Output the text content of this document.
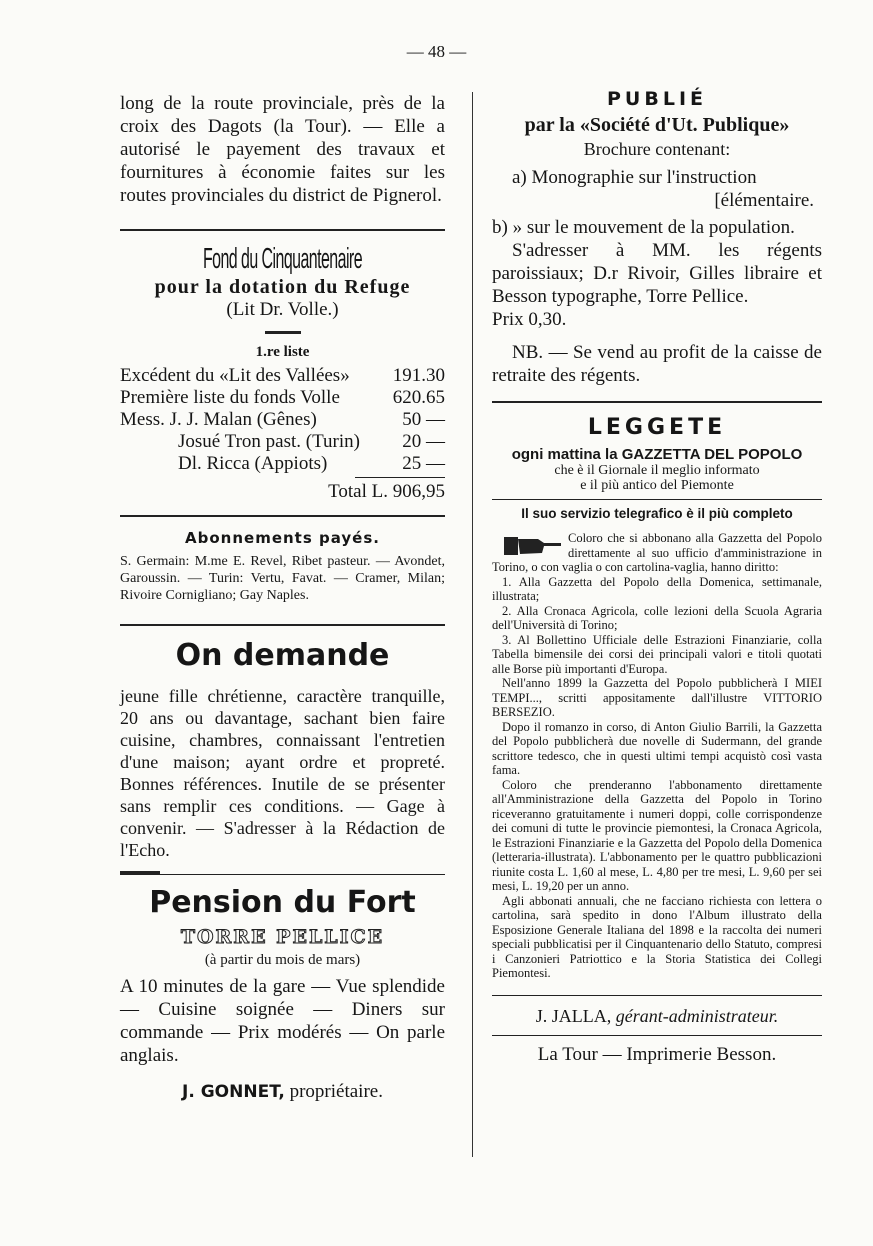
— 48 —

long de la route provinciale, près de la croix des Dagots (la Tour). — Elle a autorisé le payement des travaux et fournitures à économie faites sur les routes provinciales du district de Pignerol.

Fond du Cinquantenaire

pour la dotation du Refuge

(Lit Dr. Volle.)

1.re liste

Excédent du «Lit des Vallées»	191.30
Première liste du fonds Volle	620.65
Mess. J. J. Malan (Gênes)	50 —
Josué Tron past. (Turin)	20 —
Dl. Ricca (Appiots)	25 —
Total L. 906,95

Abonnements payés.

S. Germain: M.me E. Revel, Ribet pasteur. — Avondet, Garoussin. — Turin: Vertu, Favat. — Cramer, Milan; Rivoire Cornigliano; Gay Naples.

On demande

jeune fille chrétienne, caractère tranquille, 20 ans ou davantage, sachant bien faire cuisine, chambres, connaissant l'entretien d'une maison; ayant ordre et propreté. Bonnes références. Inutile de se présenter sans remplir ces conditions. — Gage à convenir. — S'adresser à la Rédaction de l'Echo.

Pension du Fort

TORRE PELLICE

(à partir du mois de mars)

A 10 minutes de la gare — Vue splendide — Cuisine soignée — Diners sur commande — Prix modérés — On parle anglais.

J. GONNET, propriétaire.

PUBLIÉ

par la «Société d'Ut. Publique»

Brochure contenant:

a) Monographie sur l'instruction

[élémentaire.

b) » sur le mouvement de la population.

S'adresser à MM. les régents paroissiaux; D.r Rivoir, Gilles libraire et Besson typographe, Torre Pellice.

Prix 0,30.

NB. — Se vend au profit de la caisse de retraite des régents.

LEGGETE

ogni mattina la GAZZETTA DEL POPOLO

che è il Giornale il meglio informato

e il più antico del Piemonte

Il suo servizio telegrafico è il più completo

Coloro che si abbonano alla Gazzetta del Popolo direttamente al suo ufficio d'amministrazione in Torino, o con vaglia o con cartolina-vaglia, hanno diritto:

1. Alla Gazzetta del Popolo della Domenica, settimanale, illustrata;

2. Alla Cronaca Agricola, colle lezioni della Scuola Agraria dell'Università di Torino;

3. Al Bollettino Ufficiale delle Estrazioni Finanziarie, colla Tabella bimensile dei corsi dei principali valori e titoli quotati alle Borse più importanti d'Europa.

Nell'anno 1899 la Gazzetta del Popolo pubblicherà I MIEI TEMPI..., scritti appositamente dall'illustre VITTORIO BERSEZIO.

Dopo il romanzo in corso, di Anton Giulio Barrili, la Gazzetta del Popolo pubblicherà due novelle di Sudermann, del grande scrittore tedesco, che in questi ultimi tempi acquistò così vasta fama.

Coloro che prenderanno l'abbonamento direttamente all'Amministrazione della Gazzetta del Popolo in Torino riceveranno gratuitamente i numeri doppi, colle corrispondenze dei comuni di tutte le provincie piemontesi, la Cronaca Agricola, le Estrazioni Finanziarie e la Gazzetta del Popolo della Domenica (letteraria-illustrata). L'abbonamento per le quattro pubblicazioni riunite costa L. 1,60 al mese, L. 4,80 per tre mesi, L. 9,60 per sei mesi, L. 19,20 per un anno.

Agli abbonati annuali, che ne facciano richiesta con lettera o cartolina, sarà spedito in dono l'Album illustrato della Esposizione Generale Italiana del 1898 e la raccolta dei numeri speciali pubblicatisi per il Cinquantenario dello Statuto, compresi i Canzonieri Patriottico e la Storia Statistica dei Collegi Piemontesi.

J. JALLA, gérant-administrateur.

La Tour — Imprimerie Besson.
